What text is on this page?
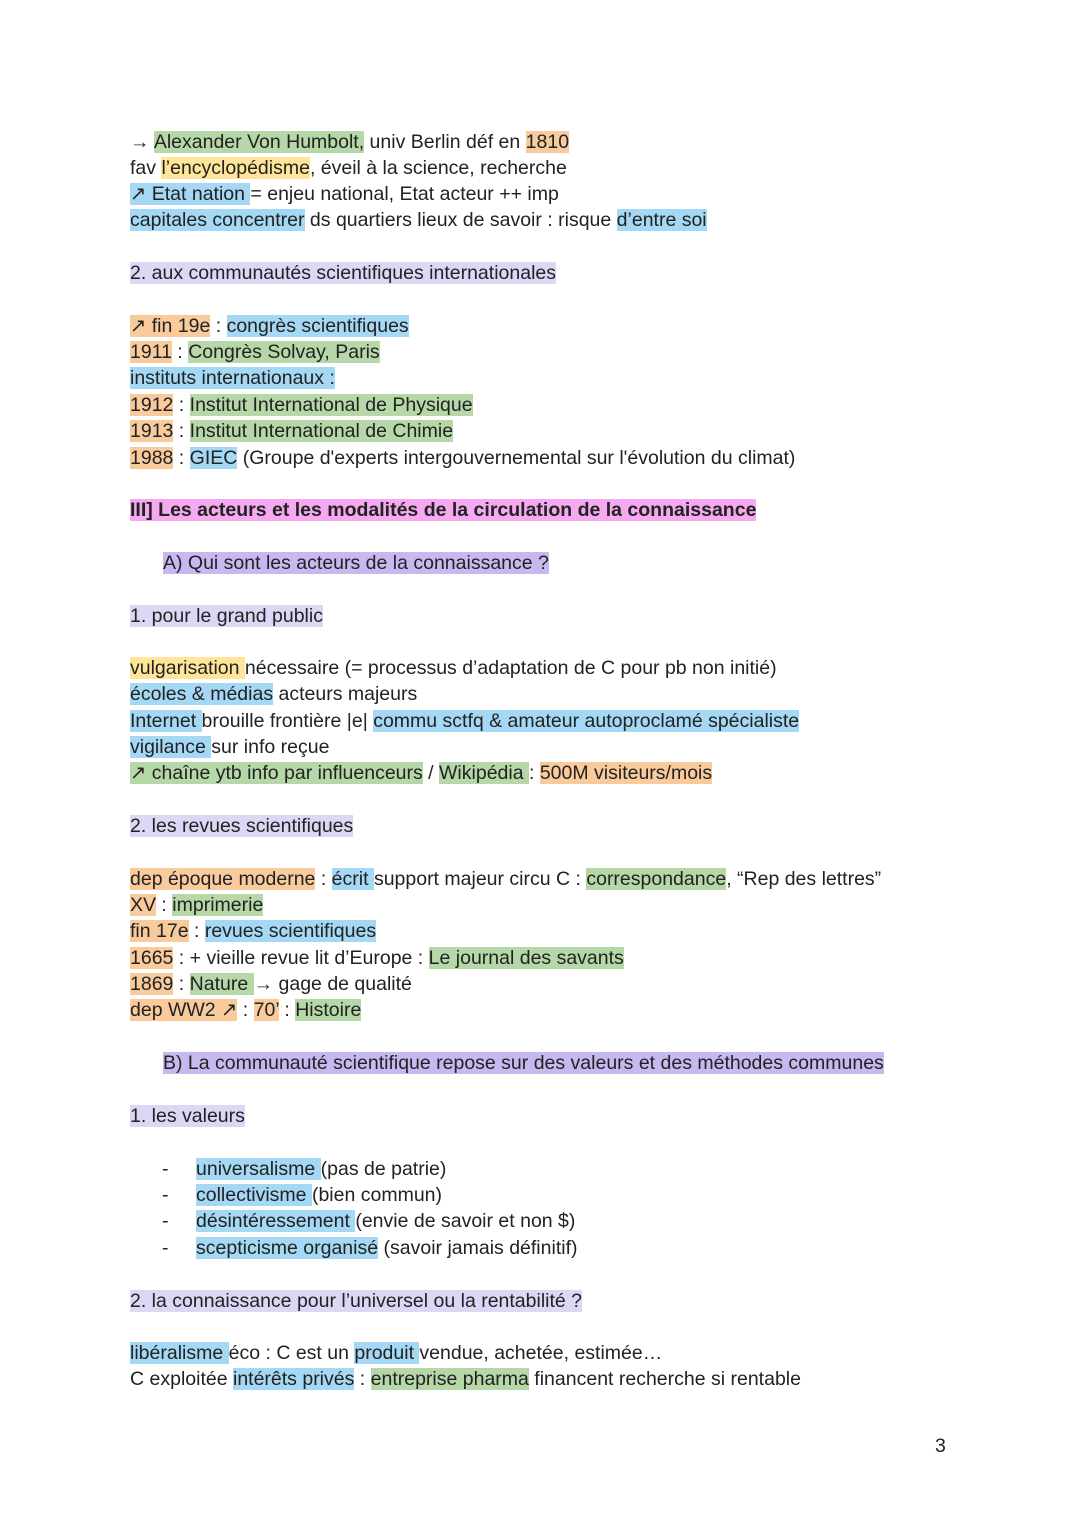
→ Alexander Von Humbolt, univ Berlin déf en 1810
fav l’encyclopédisme, éveil à la science, recherche
↗ Etat nation = enjeu national, Etat acteur ++ imp
capitales concentrer ds quartiers lieux de savoir : risque d’entre soi
2. aux communautés scientifiques internationales
↗ fin 19e : congrès scientifiques
1911 : Congrès Solvay, Paris
instituts internationaux :
1912 : Institut International de Physique
1913 : Institut International de Chimie
1988 : GIEC (Groupe d'experts intergouvernemental sur l'évolution du climat)
III] Les acteurs et les modalités de la circulation de la connaissance
A) Qui sont les acteurs de la connaissance ?
1. pour le grand public
vulgarisation nécessaire (= processus d’adaptation de C pour pb non initié)
écoles & médias acteurs majeurs
Internet brouille frontière |e| commu sctfq & amateur autoproclamé spécialiste
vigilance sur info reçue
↗ chaîne ytb info par influenceurs / Wikipédia : 500M visiteurs/mois
2. les revues scientifiques
dep époque moderne : écrit support majeur circu C : correspondance, “Rep des lettres”
XV : imprimerie
fin 17e : revues scientifiques
1665 : + vieille revue lit d’Europe : Le journal des savants
1869 : Nature → gage de qualité
dep WW2 ↗ : 70’ : Histoire
B) La communauté scientifique repose sur des valeurs et des méthodes communes
1. les valeurs
- universalisme (pas de patrie)
- collectivisme (bien commun)
- désintéressement (envie de savoir et non $)
- scepticisme organisé (savoir jamais définitif)
2. la connaissance pour l’universel ou la rentabilité ?
libéralisme éco : C est un produit vendue, achetée, estimée…
C exploitée intérêts privés : entreprise pharma financent recherche si rentable
3
